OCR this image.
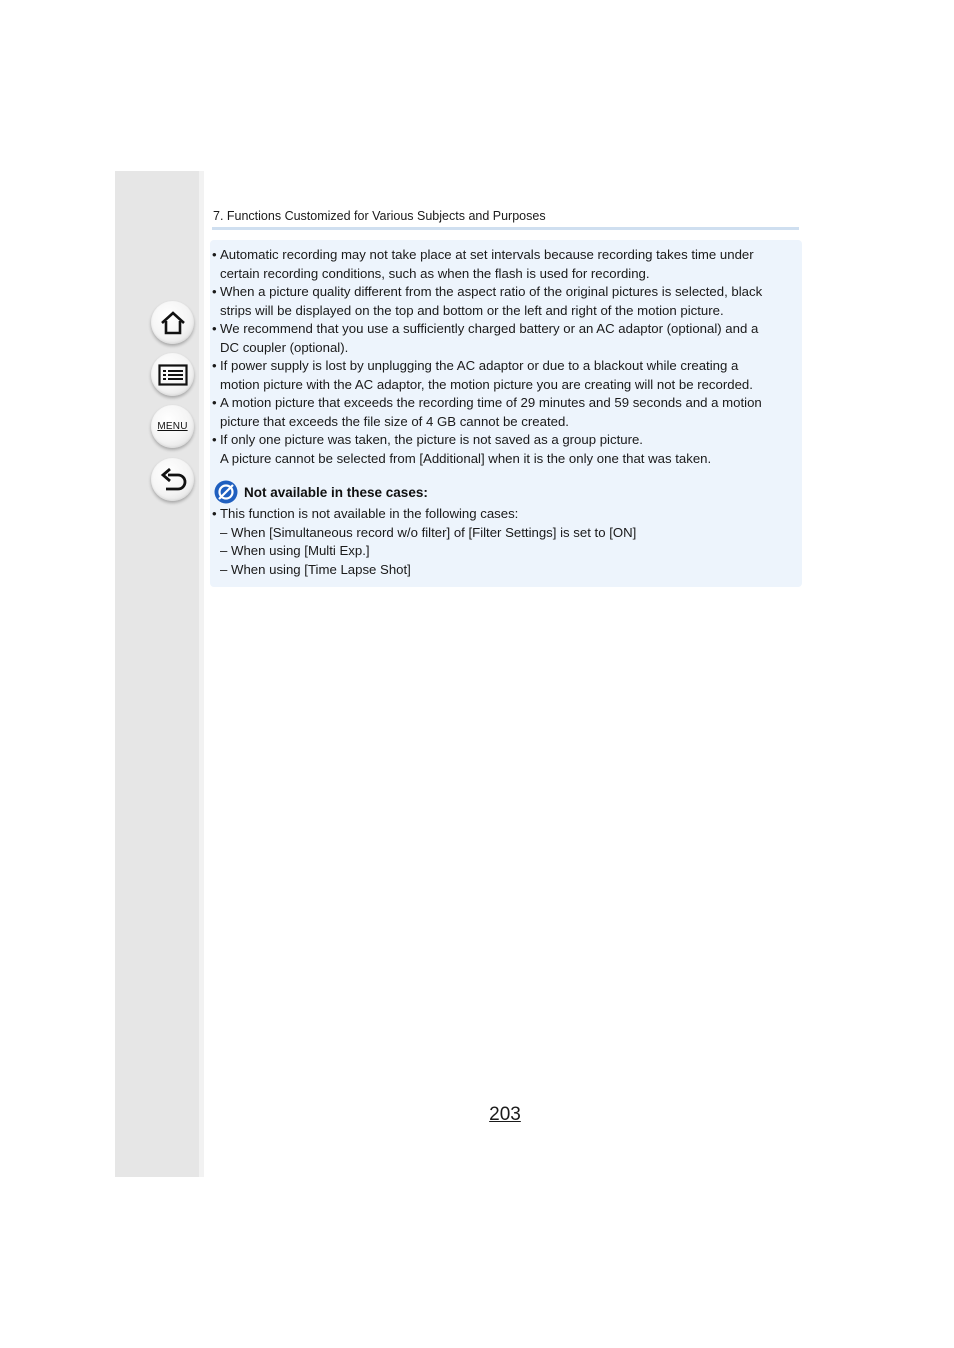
MENU
7. Functions Customized for Various Subjects and Purposes

• Automatic recording may not take place at set intervals because recording takes time under
certain recording conditions, such as when the flash is used for recording.

• When a picture quality different from the aspect ratio of the original pictures is selected, black
strips will be displayed on the top and bottom or the left and right of the motion picture.

• We recommend that you use a sufficiently charged battery or an AC adaptor (optional) and a
DC coupler (optional).

• If power supply is lost by unplugging the AC adaptor or due to a blackout while creating a
motion picture with the AC adaptor, the motion picture you are creating will not be recorded.

• A motion picture that exceeds the recording time of 29 minutes and 59 seconds and a motion
picture that exceeds the file size of 4 GB cannot be created.

• If only one picture was taken, the picture is not saved as a group picture.
A picture cannot be selected from [Additional] when it is the only one that was taken.

Not available in these cases:
• This function is not available in the following cases:
– When [Simultaneous record w/o filter] of [Filter Settings] is set to [ON]
– When using [Multi Exp.]
– When using [Time Lapse Shot]
203
